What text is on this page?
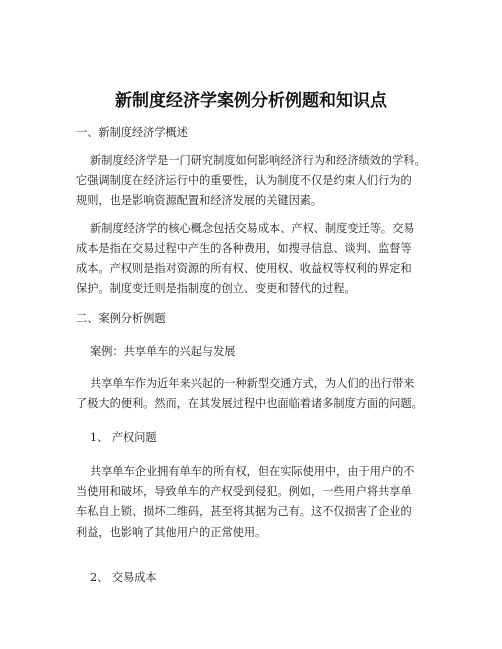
新制度经济学案例分析例题和知识点
一、新制度经济学概述
新制度经济学是一门研究制度如何影响经济行为和经济绩效的学科。
它强调制度在经济运行中的重要性，认为制度不仅是约束人们行为的
规则，也是影响资源配置和经济发展的关键因素。
新制度经济学的核心概念包括交易成本、产权、制度变迁等。交易
成本是指在交易过程中产生的各种费用，如搜寻信息、谈判、监督等
成本。产权则是指对资源的所有权、使用权、收益权等权利的界定和
保护。制度变迁则是指制度的创立、变更和替代的过程。
二、案例分析例题
案例：共享单车的兴起与发展
共享单车作为近年来兴起的一种新型交通方式，为人们的出行带来
了极大的便利。然而，在其发展过程中也面临着诸多制度方面的问题。
1、 产权问题
共享单车企业拥有单车的所有权，但在实际使用中，由于用户的不
当使用和破坏，导致单车的产权受到侵犯。例如，一些用户将共享单
车私自上锁、损坏二维码，甚至将其据为己有。这不仅损害了企业的
利益，也影响了其他用户的正常使用。
2、 交易成本
